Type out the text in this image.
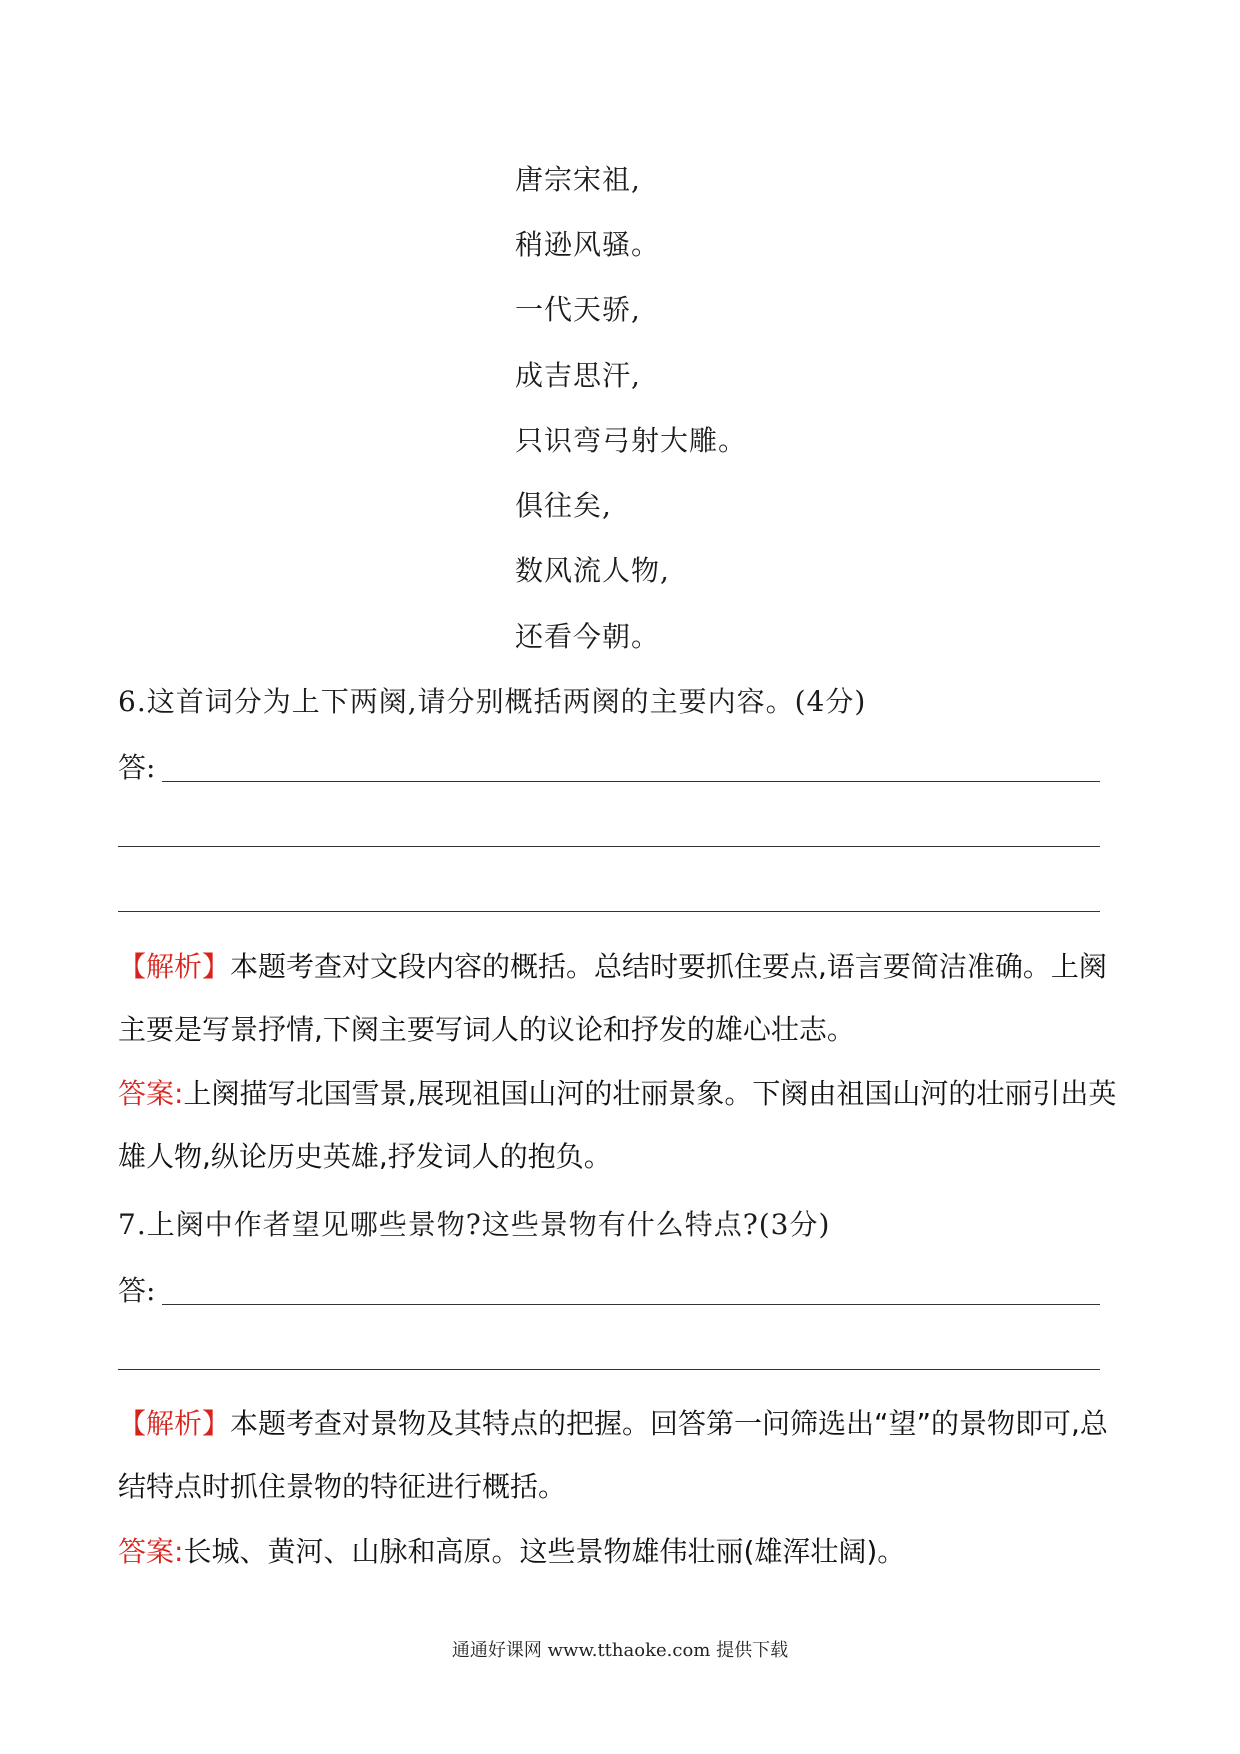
唐宗宋祖,
稍逊风骚。
一代天骄,
成吉思汗,
只识弯弓射大雕。
俱往矣,
数风流人物,
还看今朝。
6.这首词分为上下两阕,请分别概括两阕的主要内容。(4分)
答:
【解析】本题考查对文段内容的概括。总结时要抓住要点,语言要简洁准确。上阕主要是写景抒情,下阕主要写词人的议论和抒发的雄心壮志。
答案:上阕描写北国雪景,展现祖国山河的壮丽景象。下阕由祖国山河的壮丽引出英雄人物,纵论历史英雄,抒发词人的抱负。
7.上阕中作者望见哪些景物?这些景物有什么特点?(3分)
答:
【解析】本题考查对景物及其特点的把握。回答第一问筛选出“望”的景物即可,总结特点时抓住景物的特征进行概括。
答案:长城、黄河、山脉和高原。这些景物雄伟壮丽(雄浑壮阔)。
通通好课网 www.tthaoke.com 提供下载
